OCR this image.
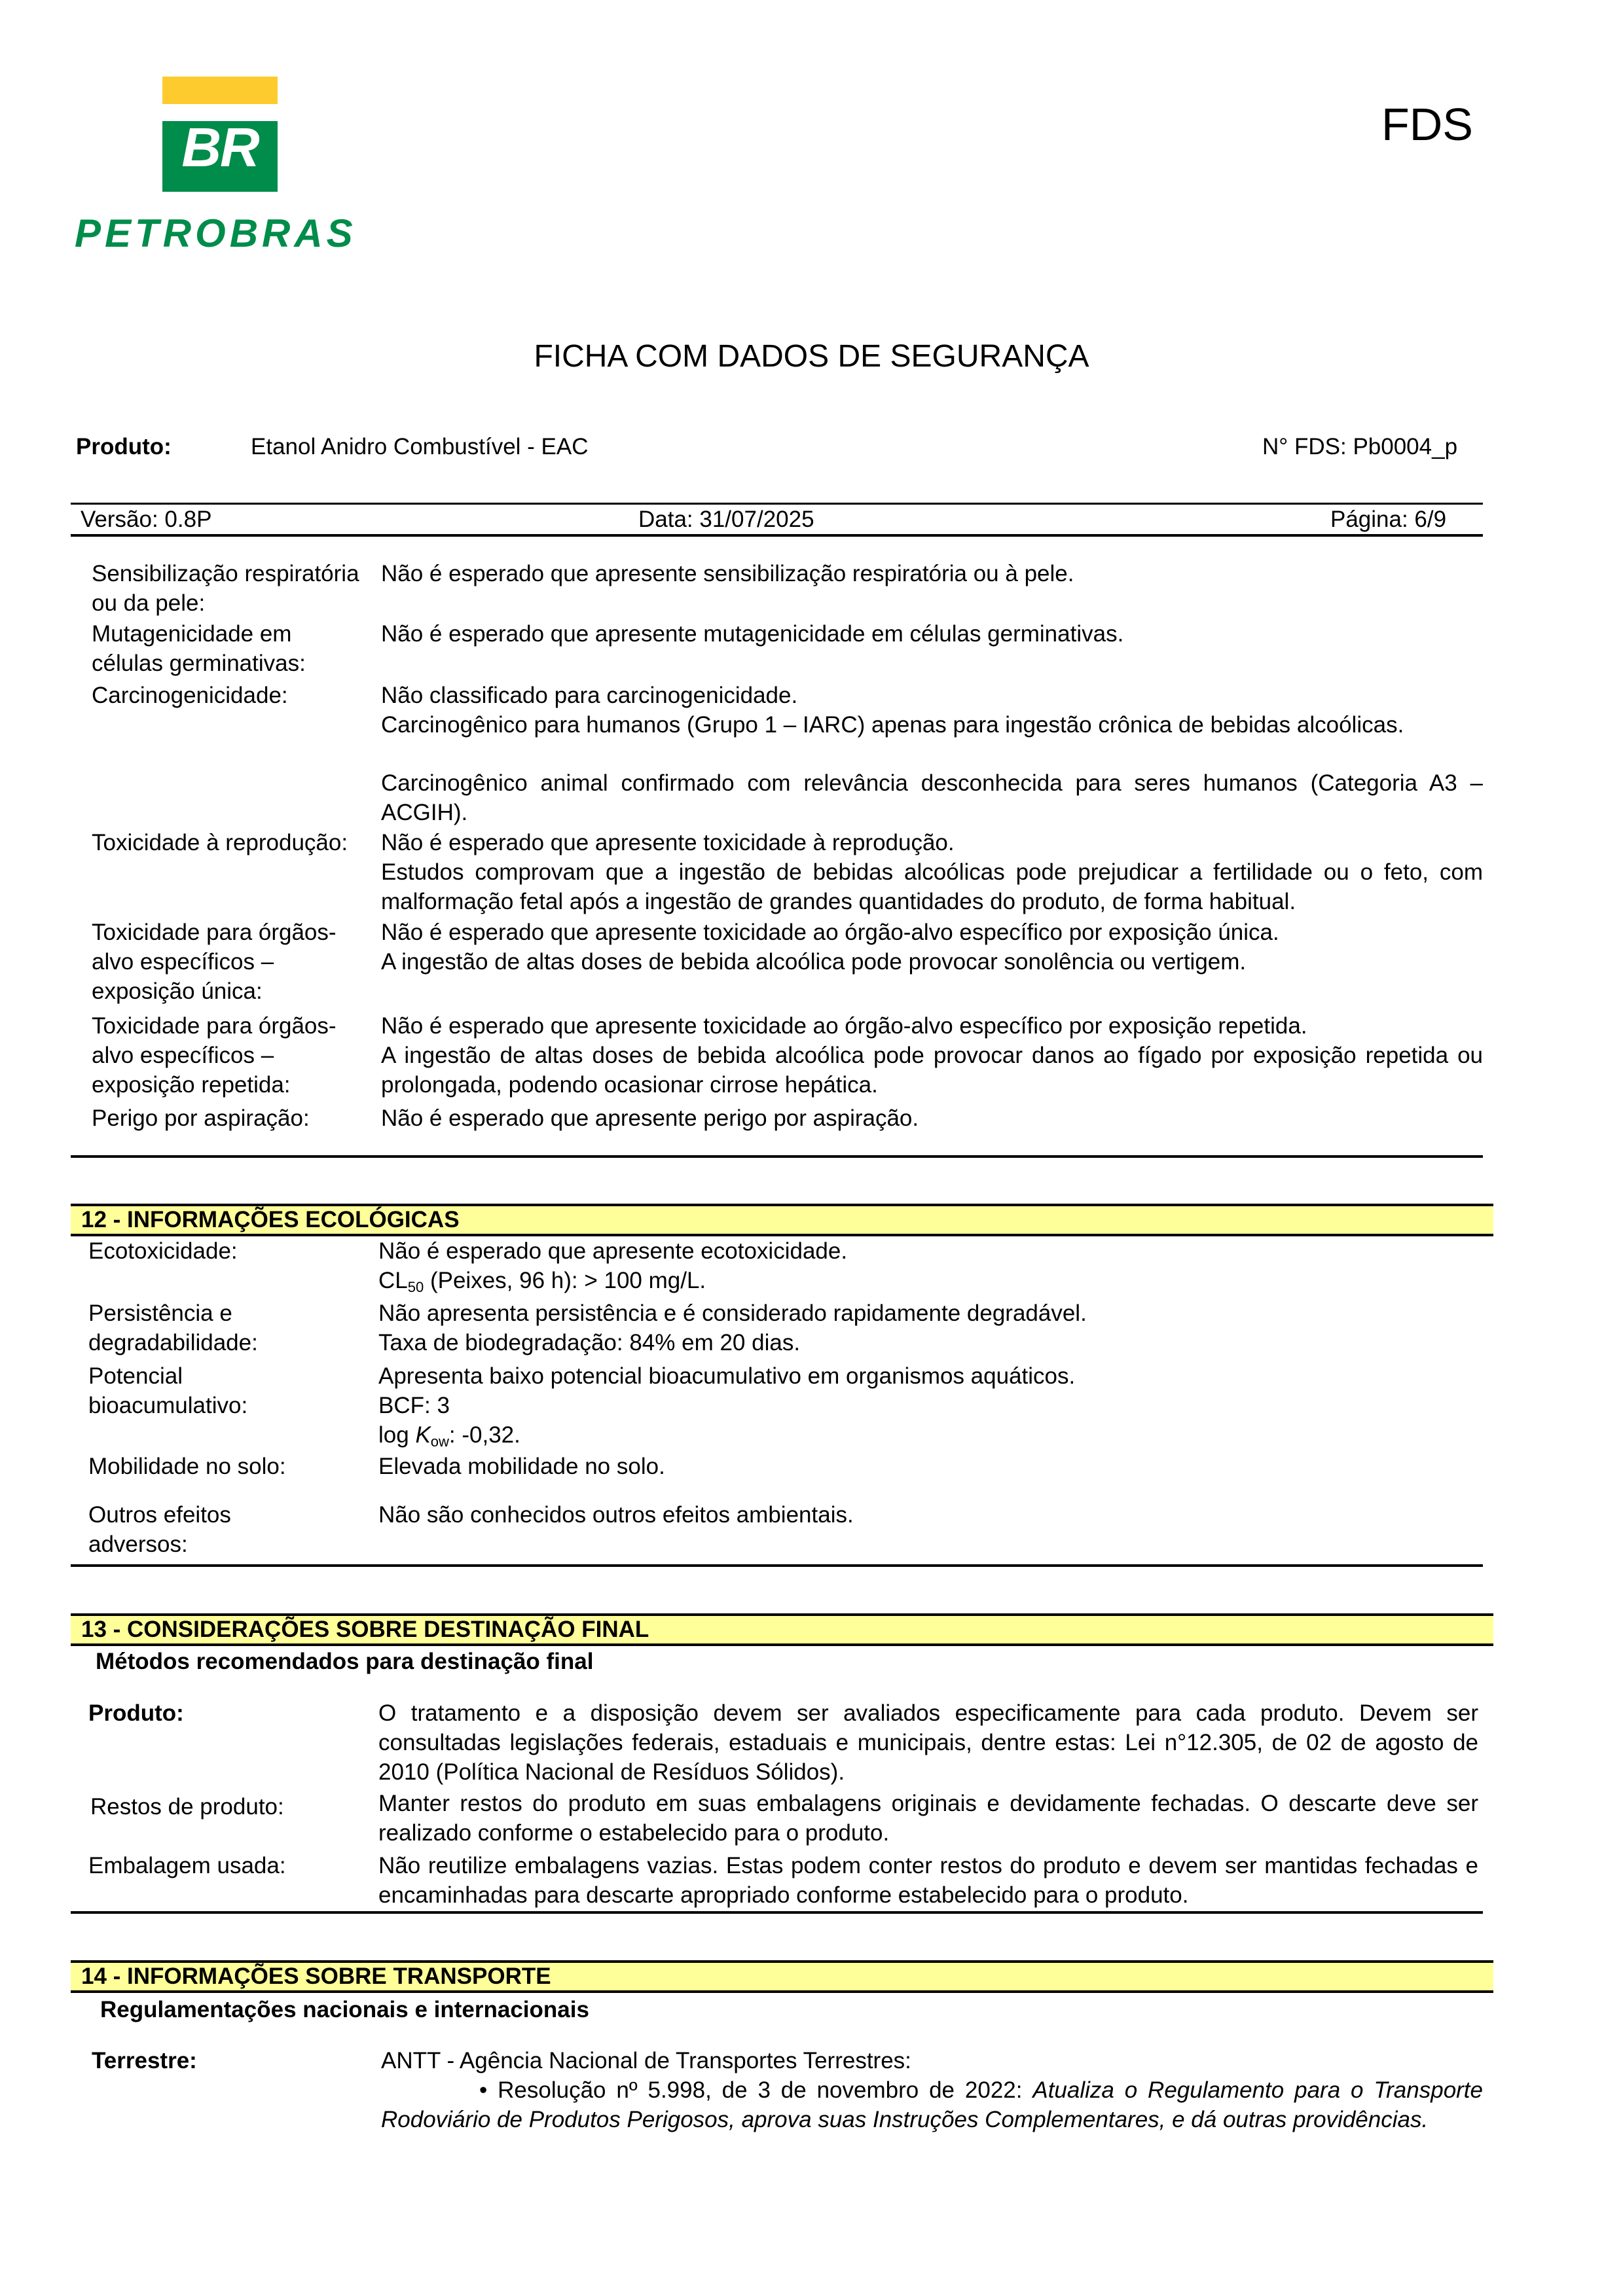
BR
PETROBRAS
FDS
FICHA COM DADOS DE SEGURANÇA
Produto:	Etanol Anidro Combustível - EAC	N° FDS: Pb0004_p
Versão: 0.8P	Data: 31/07/2025	Página: 6/9
Sensibilização respiratória ou da pele:
Não é esperado que apresente sensibilização respiratória ou à pele.
Mutagenicidade em células germinativas:
Não é esperado que apresente mutagenicidade em células germinativas.
Carcinogenicidade:	Não classificado para carcinogenicidade.
Carcinogênico para humanos (Grupo 1 – IARC) apenas para ingestão crônica de bebidas alcoólicas.
Carcinogênico animal confirmado com relevância desconhecida para seres humanos (Categoria A3 – ACGIH).
Toxicidade à reprodução:	Não é esperado que apresente toxicidade à reprodução.
Estudos comprovam que a ingestão de bebidas alcoólicas pode prejudicar a fertilidade ou o feto, com malformação fetal após a ingestão de grandes quantidades do produto, de forma habitual.
Toxicidade para órgãos-alvo específicos – exposição única:
Não é esperado que apresente toxicidade ao órgão-alvo específico por exposição única.
A ingestão de altas doses de bebida alcoólica pode provocar sonolência ou vertigem.
Toxicidade para órgãos-alvo específicos – exposição repetida:
Não é esperado que apresente toxicidade ao órgão-alvo específico por exposição repetida.
A ingestão de altas doses de bebida alcoólica pode provocar danos ao fígado por exposição repetida ou prolongada, podendo ocasionar cirrose hepática.
Perigo por aspiração:	Não é esperado que apresente perigo por aspiração.
12 - INFORMAÇÕES ECOLÓGICAS
Ecotoxicidade:	Não é esperado que apresente ecotoxicidade.
$CL_{50}$ (Peixes, 96 h): > 100 mg/L.
Persistência e degradabilidade:
Não apresenta persistência e é considerado rapidamente degradável.
Taxa de biodegradação: 84% em 20 dias.
Potencial bioacumulativo:
Apresenta baixo potencial bioacumulativo em organismos aquáticos.
BCF: 3
$\log K_{ow}$: -0,32.
Mobilidade no solo:	Elevada mobilidade no solo.
Outros efeitos adversos:
Não são conhecidos outros efeitos ambientais.
13 - CONSIDERAÇÕES SOBRE DESTINAÇÃO FINAL
Métodos recomendados para destinação final
Produto:	O tratamento e a disposição devem ser avaliados especificamente para cada produto. Devem ser consultadas legislações federais, estaduais e municipais, dentre estas: Lei n°12.305, de 02 de agosto de 2010 (Política Nacional de Resíduos Sólidos).
Restos de produto:	Manter restos do produto em suas embalagens originais e devidamente fechadas. O descarte deve ser realizado conforme o estabelecido para o produto.
Embalagem usada:	Não reutilize embalagens vazias. Estas podem conter restos do produto e devem ser mantidas fechadas e encaminhadas para descarte apropriado conforme estabelecido para o produto.
14 - INFORMAÇÕES SOBRE TRANSPORTE
Regulamentações nacionais e internacionais
Terrestre:	ANTT - Agência Nacional de Transportes Terrestres:
• Resolução nº 5.998, de 3 de novembro de 2022: Atualiza o Regulamento para o Transporte Rodoviário de Produtos Perigosos, aprova suas Instruções Complementares, e dá outras providências.
